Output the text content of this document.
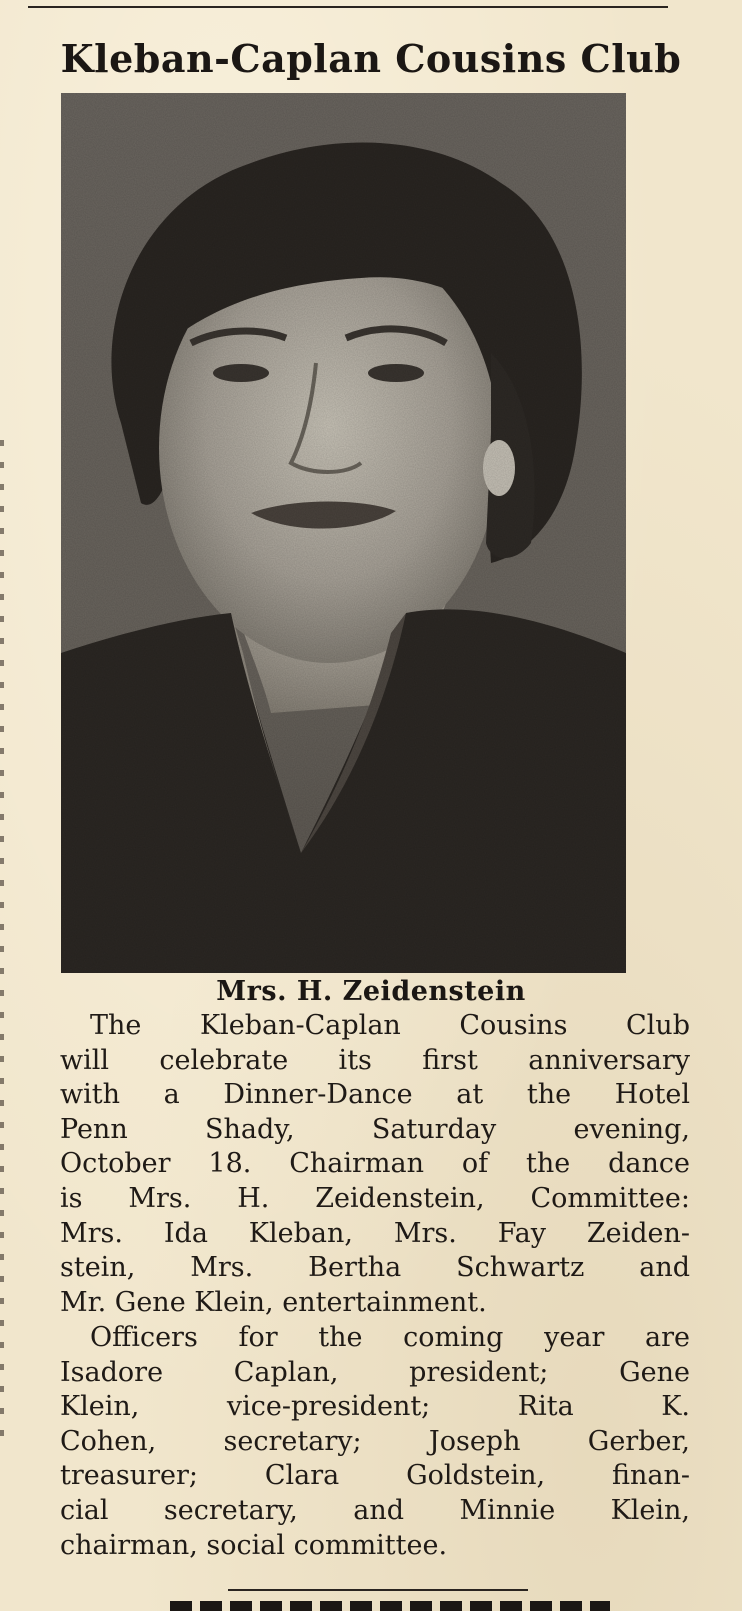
Kleban-Caplan Cousins Club
Mrs. H. Zeidenstein
The Kleban-Caplan Cousins Club
will celebrate its first anniversary
with a Dinner-Dance at the Hotel
Penn Shady, Saturday evening,
October 18. Chairman of the dance
is Mrs. H. Zeidenstein, Committee:
Mrs. Ida Kleban, Mrs. Fay Zeiden-
stein, Mrs. Bertha Schwartz and
Mr. Gene Klein, entertainment.
Officers for the coming year are
Isadore Caplan, president; Gene
Klein, vice-president; Rita K.
Cohen, secretary; Joseph Gerber,
treasurer; Clara Goldstein, finan-
cial secretary, and Minnie Klein,
chairman, social committee.
